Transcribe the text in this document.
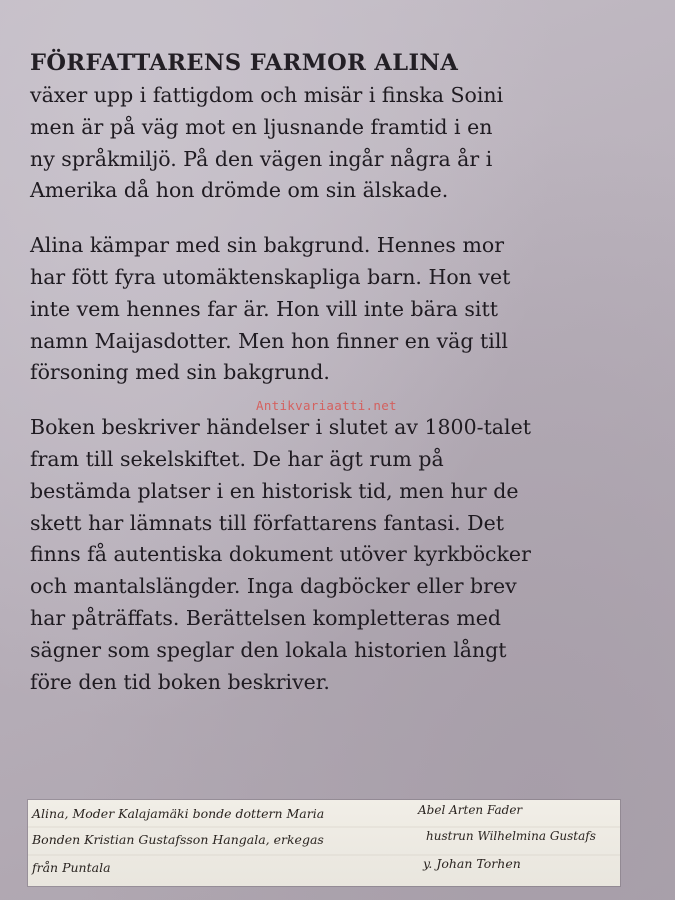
FÖRFATTARENS FARMOR ALINA

växer upp i fattigdom och misär i finska Soini
men är på väg mot en ljusnande framtid i en
ny språkmiljö. På den vägen ingår några år i
Amerika då hon drömde om sin älskade.

Alina kämpar med sin bakgrund. Hennes mor
har fött fyra utomäktenskapliga barn. Hon vet
inte vem hennes far är. Hon vill inte bära sitt
namn Maijasdotter. Men hon finner en väg till
försoning med sin bakgrund.

Boken beskriver händelser i slutet av 1800-talet
fram till sekelskiftet. De har ägt rum på
bestämda platser i en historisk tid, men hur de
skett har lämnats till författarens fantasi. Det
finns få autentiska dokument utöver kyrkböcker
och mantalslängder. Inga dagböcker eller brev
har påträffats. Berättelsen kompletteras med
sägner som speglar den lokala historien långt
före den tid boken beskriver.

Antikvariaatti.net
Alina, Moder Kalajamäki bonde dottern Maria	Abel Arten Fader
Bonden Kristian Gustafsson Hangala, erkegas	hustrun Wilhelmina Gustafs
från Puntala	y. Johan Torhen
